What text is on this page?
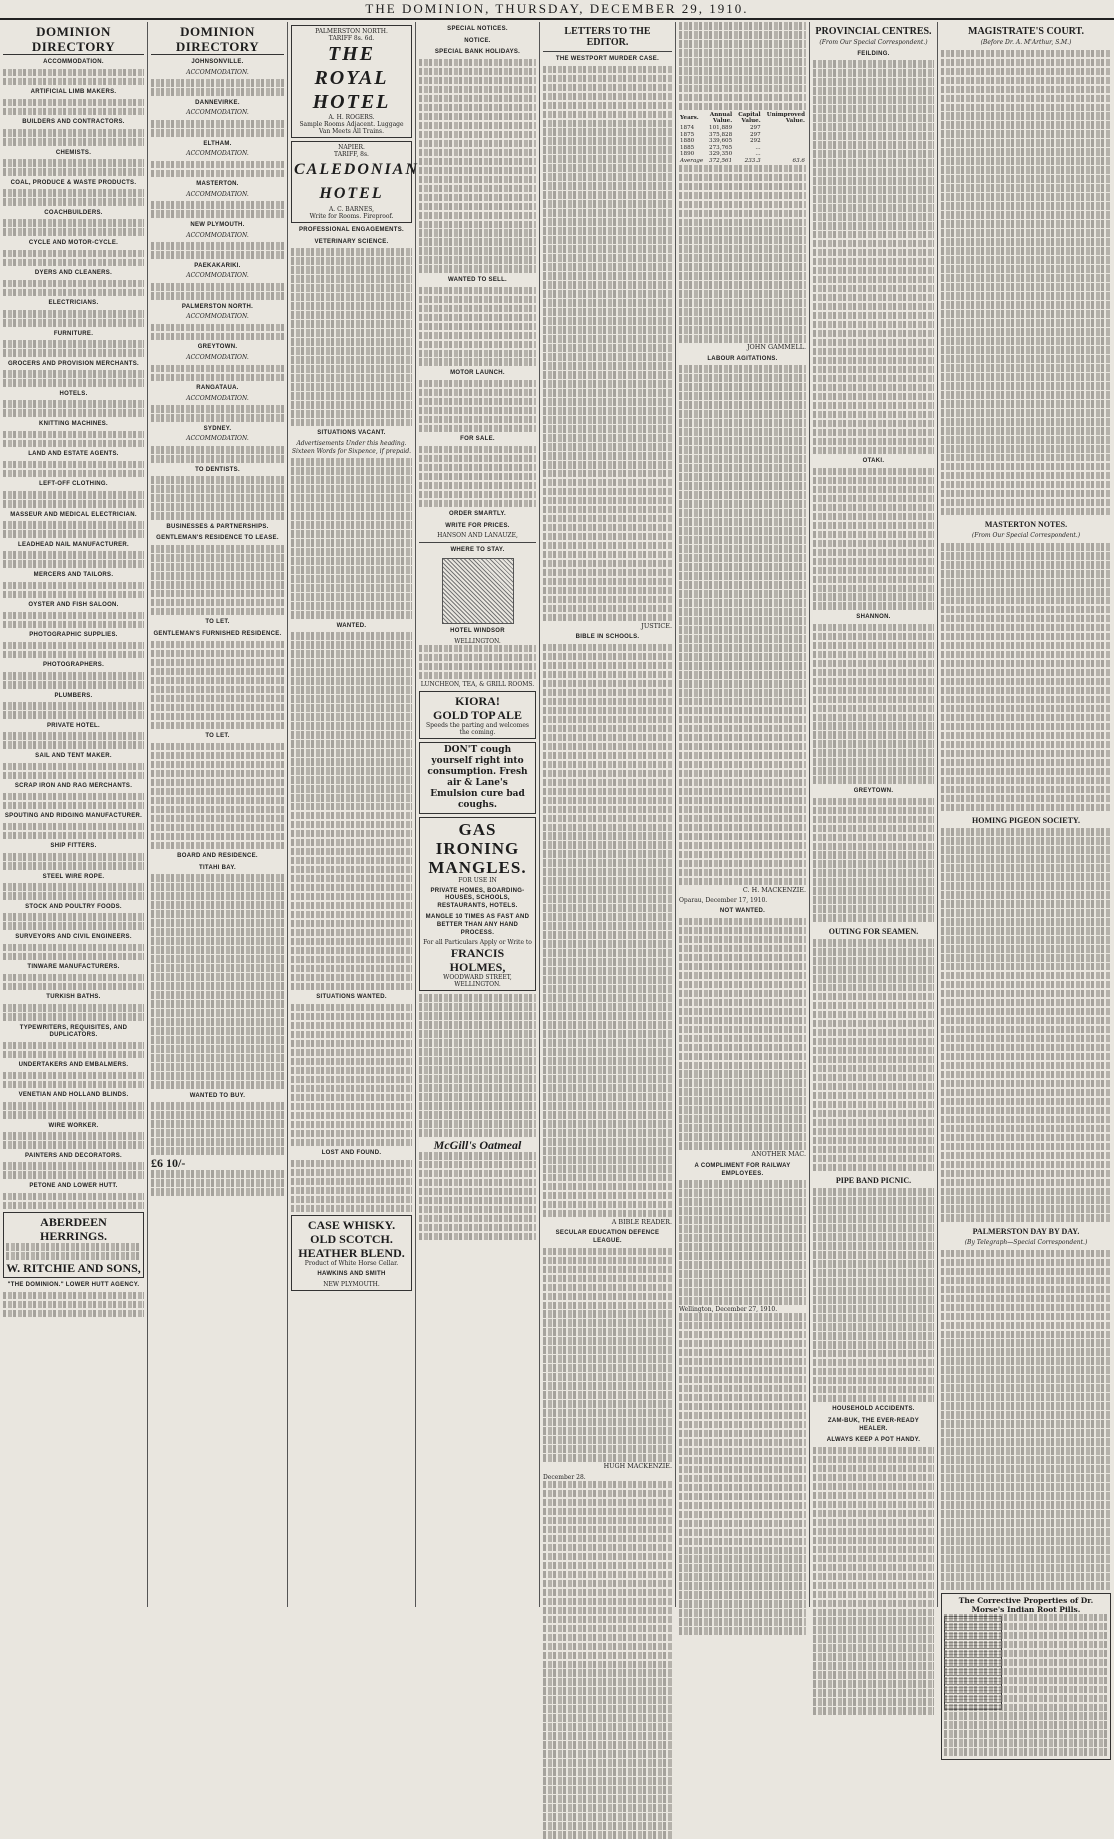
THE DOMINION, THURSDAY, DECEMBER 29, 1910.
DOMINION DIRECTORY
ACCOMMODATION.
ARTIFICIAL LIMB MAKERS.
BUILDERS AND CONTRACTORS.
CHEMISTS.
COAL, PRODUCE & WASTE PRODUCTS.
COACHBUILDERS.
CYCLE AND MOTOR-CYCLE.
DYERS AND CLEANERS.
ELECTRICIANS.
FURNITURE.
GROCERS AND PROVISION MERCHANTS.
HOTELS.
KNITTING MACHINES.
LAND AND ESTATE AGENTS.
LEFT-OFF CLOTHING.
MASSEUR AND MEDICAL ELECTRICIAN.
LEADHEAD NAIL MANUFACTURER.
MERCERS AND TAILORS.
OYSTER AND FISH SALOON.
PHOTOGRAPHIC SUPPLIES.
PHOTOGRAPHERS.
PLUMBERS.
PRIVATE HOTEL.
SAIL AND TENT MAKER.
SCRAP IRON AND RAG MERCHANTS.
SPOUTING AND RIDGING MANUFACTURER.
SHIP FITTERS.
STEEL WIRE ROPE.
STOCK AND POULTRY FOODS.
SURVEYORS AND CIVIL ENGINEERS.
TINWARE MANUFACTURERS.
TURKISH BATHS.
TYPEWRITERS, REQUISITES, AND DUPLICATORS.
UNDERTAKERS AND EMBALMERS.
VENETIAN AND HOLLAND BLINDS.
WIRE WORKER.
PAINTERS AND DECORATORS.
PETONE AND LOWER HUTT.
ABERDEEN HERRINGS.
W. RITCHIE AND SONS,
"THE DOMINION." LOWER HUTT AGENCY.
DOMINION DIRECTORY
JOHNSONVILLE.
ACCOMMODATION.
DANNEVIRKE.
ACCOMMODATION.
ELTHAM.
ACCOMMODATION.
MASTERTON.
ACCOMMODATION.
NEW PLYMOUTH.
ACCOMMODATION.
PAEKAKARIKI.
ACCOMMODATION.
PALMERSTON NORTH.
ACCOMMODATION.
GREYTOWN.
ACCOMMODATION.
RANGATAUA.
ACCOMMODATION.
SYDNEY.
ACCOMMODATION.
TO DENTISTS.
BUSINESSES & PARTNERSHIPS.
GENTLEMAN'S RESIDENCE TO LEASE.
TO LET.
GENTLEMAN'S FURNISHED RESIDENCE.
TO LET.
BOARD AND RESIDENCE.
TITAHI BAY.
WANTED TO BUY.
£6 10/-
PALMERSTON NORTH.
TARIFF 8s. 6d.
THE ROYAL HOTEL
A. H. ROGERS.
Sample Rooms Adjacent. Luggage Van Meets All Trains.
NAPIER.
TARIFF, 8s.
CALEDONIAN HOTEL
A. C. BARNES,
Write for Rooms. Fireproof.
PROFESSIONAL ENGAGEMENTS.
VETERINARY SCIENCE.
SITUATIONS VACANT.
Advertisements Under this heading. Sixteen Words for Sixpence, if prepaid.
WANTED.
SITUATIONS WANTED.
LOST AND FOUND.
CASE WHISKY.
OLD SCOTCH.
HEATHER BLEND.
Product of White Horse Cellar.
HAWKINS AND SMITH
NEW PLYMOUTH.
SPECIAL NOTICES.
NOTICE.
SPECIAL BANK HOLIDAYS.
WANTED TO SELL.
MOTOR LAUNCH.
FOR SALE.
ORDER SMARTLY.
WRITE FOR PRICES.
HANSON AND LANAUZE,
WHERE TO STAY.
HOTEL WINDSOR
WELLINGTON.
LUNCHEON, TEA, & GRILL ROOMS.
KIORA!
GOLD TOP ALE
Speeds the parting and welcomes the coming.
DON'T cough yourself right into consumption. Fresh air & Lane's Emulsion cure bad coughs.
GAS
IRONING
MANGLES.
FOR USE IN
PRIVATE HOMES, BOARDING-HOUSES, SCHOOLS, RESTAURANTS, HOTELS.
MANGLE 10 TIMES AS FAST AND BETTER THAN ANY HAND PROCESS.
For all Particulars Apply or Write to
FRANCIS HOLMES,
WOODWARD STREET, WELLINGTON.
McGill's Oatmeal
LETTERS TO THE EDITOR.
THE WESTPORT MURDER CASE.
JUSTICE.
BIBLE IN SCHOOLS.
A BIBLE READER.
SECULAR EDUCATION DEFENCE LEAGUE.
HUGH MACKENZIE.
December 28.
Years.	Annual Value.	Capital Value.	Unimproved Value.
1874	101,889	297	
1875	375,828	297	
1880	339,605	292	
1885	273,765	...	
1890	329,350	...	
Average	372,561	233.3	63.6
JOHN GAMMELL.
LABOUR AGITATIONS.
C. H. MACKENZIE.
Oparau, December 17, 1910.
NOT WANTED.
ANOTHER MAC.
A COMPLIMENT FOR RAILWAY EMPLOYEES.
Wellington, December 27, 1910.
PROVINCIAL CENTRES.
(From Our Special Correspondent.)
FEILDING.
OTAKI.
SHANNON.
GREYTOWN.
OUTING FOR SEAMEN.
PIPE BAND PICNIC.
HOUSEHOLD ACCIDENTS.
ZAM-BUK, THE EVER-READY HEALER.
ALWAYS KEEP A POT HANDY.
MAGISTRATE'S COURT.
(Before Dr. A. M'Arthur, S.M.)
MASTERTON NOTES.
(From Our Special Correspondent.)
HOMING PIGEON SOCIETY.
PALMERSTON DAY BY DAY.
(By Telegraph—Special Correspondent.)
The Corrective Properties of Dr. Morse's Indian Root Pills.
